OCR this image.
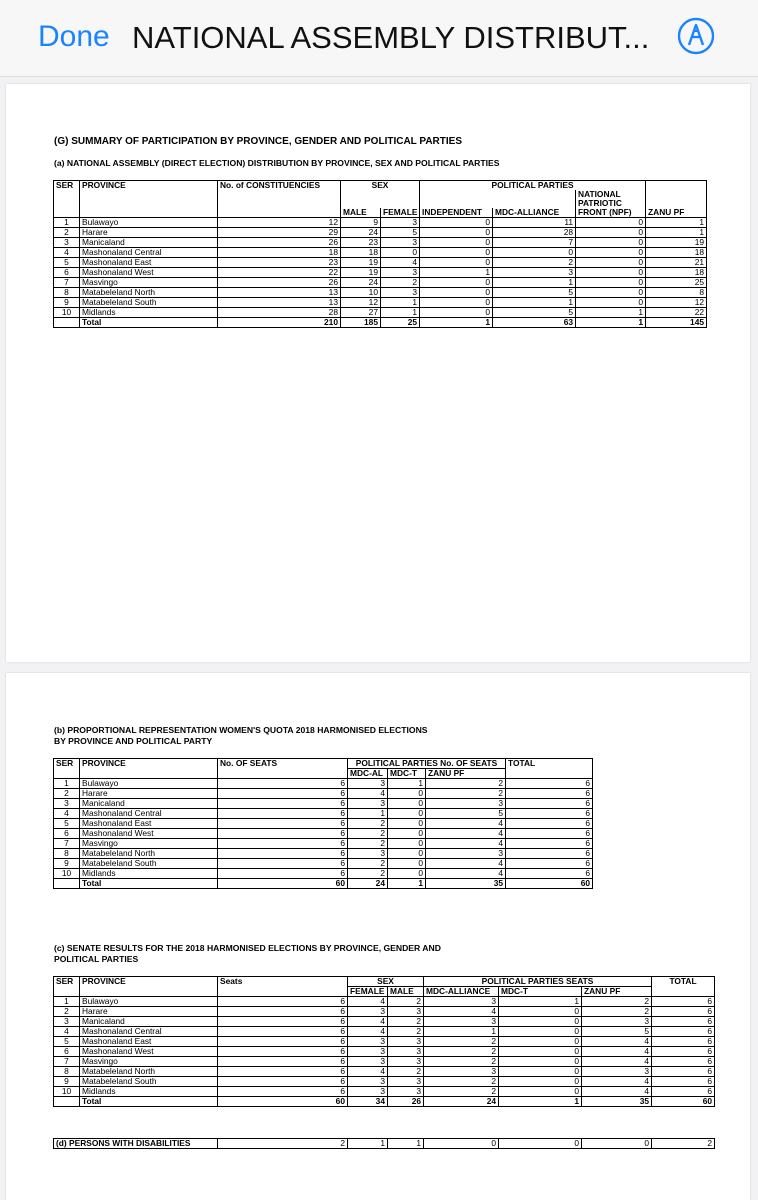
Done NATIONAL ASSEMBLY DISTRIBUT...
(G) SUMMARY OF PARTICIPATION BY PROVINCE, GENDER AND POLITICAL PARTIES
(a) NATIONAL ASSEMBLY (DIRECT ELECTION) DISTRIBUTION BY PROVINCE, SEX AND POLITICAL PARTIES
SER	PROVINCE	No. of CONSTITUENCIES	SEX		POLITICAL PARTIES			
							NATIONAL	
							PATRIOTIC	
			MALE	FEMALE	INDEPENDENT	MDC-ALLIANCE	FRONT (NPF)	ZANU PF
1	Bulawayo	12	9	3	0	11	0	1
2	Harare	29	24	5	0	28	0	1
3	Manicaland	26	23	3	0	7	0	19
4	Mashonaland Central	18	18	0	0	0	0	18
5	Mashonaland East	23	19	4	0	2	0	21
6	Mashonaland West	22	19	3	1	3	0	18
7	Masvingo	26	24	2	0	1	0	25
8	Matabeleland North	13	10	3	0	5	0	8
9	Matabeleland South	13	12	1	0	1	0	12
10	Midlands	28	27	1	0	5	1	22
	Total	210	185	25	1	63	1	145
(b) PROPORTIONAL REPRESENTATION WOMEN'S QUOTA 2018 HARMONISED ELECTIONS
BY PROVINCE AND POLITICAL PARTY
SER	PROVINCE	No. OF SEATS	POLITICAL PARTIES No. OF SEATS			TOTAL
			MDC-AL	MDC-T	ZANU PF	
1	Bulawayo	6	3	1	2	6
2	Harare	6	4	0	2	6
3	Manicaland	6	3	0	3	6
4	Mashonaland Central	6	1	0	5	6
5	Mashonaland East	6	2	0	4	6
6	Mashonaland West	6	2	0	4	6
7	Masvingo	6	2	0	4	6
8	Matabeleland North	6	3	0	3	6
9	Matabeleland South	6	2	0	4	6
10	Midlands	6	2	0	4	6
	Total	60	24	1	35	60
(c) SENATE RESULTS FOR THE 2018 HARMONISED ELECTIONS BY PROVINCE, GENDER AND
POLITICAL PARTIES
SER	PROVINCE	Seats	SEX		POLITICAL PARTIES SEATS			TOTAL
			FEMALE	MALE	MDC-ALLIANCE	MDC-T	ZANU PF	
1	Bulawayo	6	4	2	3	1	2	6
2	Harare	6	3	3	4	0	2	6
3	Manicaland	6	4	2	3	0	3	6
4	Mashonaland Central	6	4	2	1	0	5	6
5	Mashonaland East	6	3	3	2	0	4	6
6	Mashonaland West	6	3	3	2	0	4	6
7	Masvingo	6	3	3	2	0	4	6
8	Matabeleland North	6	4	2	3	0	3	6
9	Matabeleland South	6	3	3	2	0	4	6
10	Midlands	6	3	3	2	0	4	6
	Total	60	34	26	24	1	35	60
(d) PERSONS WITH DISABILITIES	2	1	1	0	0	0	2
